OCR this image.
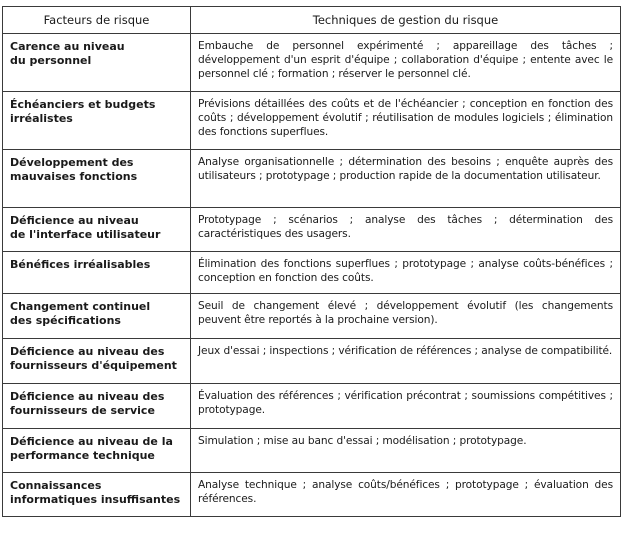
Facteurs de risque	Techniques de gestion du risque

Carence au niveau
du personnel	Embauche de personnel expérimenté ; appareillage des tâches ; développement d'un esprit d'équipe ; collaboration d'équipe ; entente avec le personnel clé ; formation ; réserver le personnel clé.

Échéanciers et budgets
irréalistes	Prévisions détaillées des coûts et de l'échéancier ; conception en fonction des coûts ; développement évolutif ; réutilisation de modules logiciels ; élimination des fonctions superflues.

Développement des
mauvaises fonctions	Analyse organisationnelle ; détermination des besoins ; enquête auprès des utilisateurs ; prototypage ; production rapide de la documentation utilisateur.

Déficience au niveau
de l'interface utilisateur	Prototypage ; scénarios ; analyse des tâches ; détermination des caractéristiques des usagers.

Bénéfices irréalisables	Élimination des fonctions superflues ; prototypage ; analyse coûts-bénéfices ; conception en fonction des coûts.

Changement continuel
des spécifications	Seuil de changement élevé ; développement évolutif (les changements peuvent être reportés à la prochaine version).

Déficience au niveau des
fournisseurs d'équipement	Jeux d'essai ; inspections ; vérification de références ; analyse de compatibilité.

Déficience au niveau des
fournisseurs de service	Évaluation des références ; vérification précontrat ; soumissions compétitives ; prototypage.

Déficience au niveau de la
performance technique	Simulation ; mise au banc d'essai ; modélisation ; prototypage.

Connaissances informatiques insuffisantes	Analyse technique ; analyse coûts/bénéfices ; prototypage ; évaluation des références.
